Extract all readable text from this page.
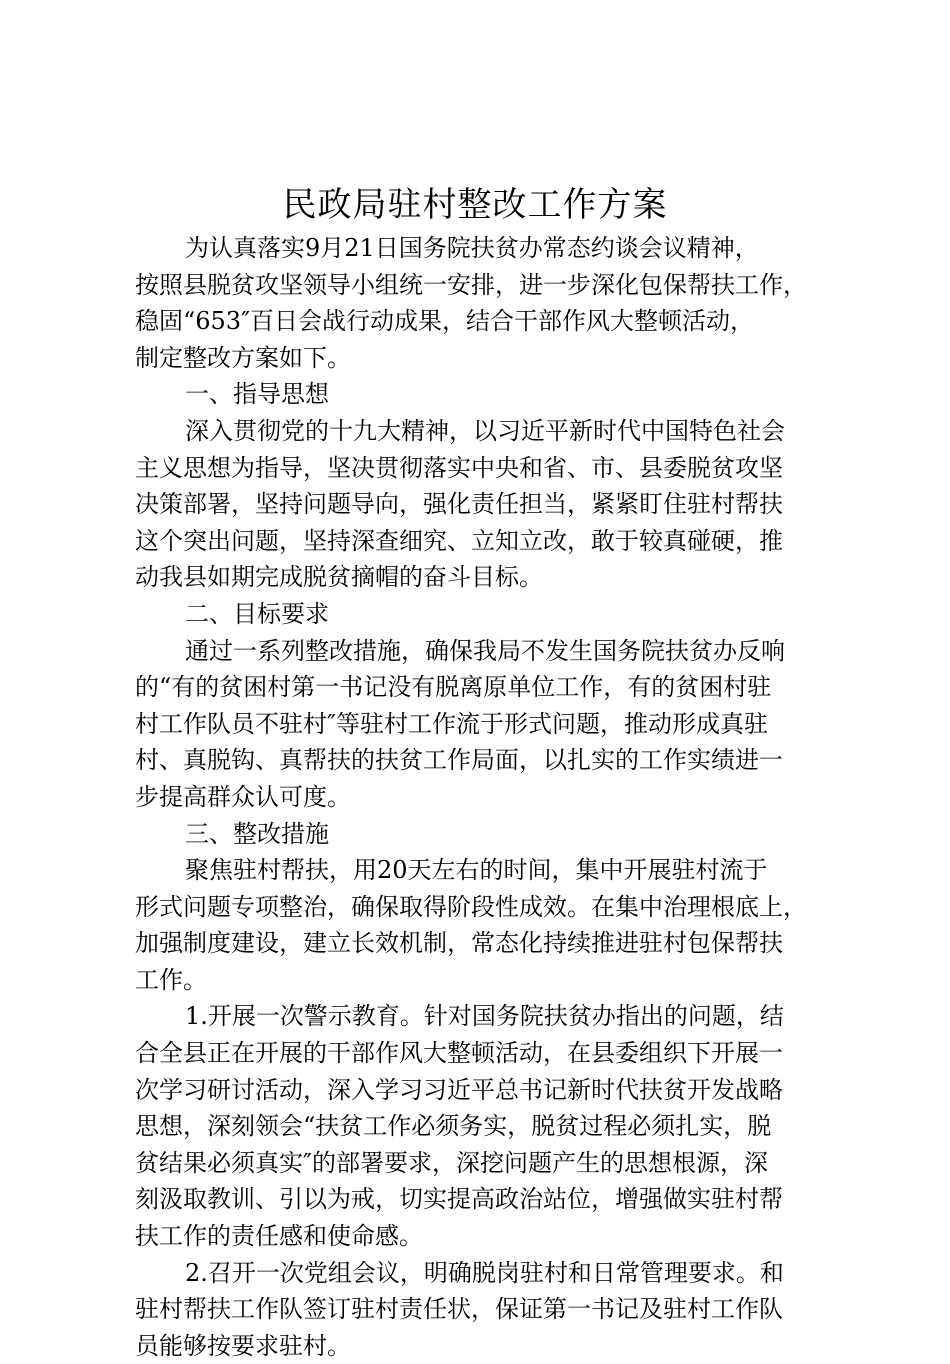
民政局驻村整改工作方案
为认真落实9月21日国务院扶贫办常态约谈会议精神，
按照县脱贫攻坚领导小组统一安排，进一步深化包保帮扶工作，
稳固“653″百日会战行动成果，结合干部作风大整顿活动，
制定整改方案如下。
一、指导思想
深入贯彻党的十九大精神，以习近平新时代中国特色社会
主义思想为指导，坚决贯彻落实中央和省、市、县委脱贫攻坚
决策部署，坚持问题导向，强化责任担当，紧紧盯住驻村帮扶
这个突出问题，坚持深查细究、立知立改，敢于较真碰硬，推
动我县如期完成脱贫摘帽的奋斗目标。
二、目标要求
通过一系列整改措施，确保我局不发生国务院扶贫办反响
的“有的贫困村第一书记没有脱离原单位工作，有的贫困村驻
村工作队员不驻村″等驻村工作流于形式问题，推动形成真驻
村、真脱钩、真帮扶的扶贫工作局面，以扎实的工作实绩进一
步提高群众认可度。
三、整改措施
聚焦驻村帮扶，用20天左右的时间，集中开展驻村流于
形式问题专项整治，确保取得阶段性成效。在集中治理根底上，
加强制度建设，建立长效机制，常态化持续推进驻村包保帮扶
工作。
1.开展一次警示教育。针对国务院扶贫办指出的问题，结
合全县正在开展的干部作风大整顿活动，在县委组织下开展一
次学习研讨活动，深入学习习近平总书记新时代扶贫开发战略
思想，深刻领会“扶贫工作必须务实，脱贫过程必须扎实，脱
贫结果必须真实″的部署要求，深挖问题产生的思想根源，深
刻汲取教训、引以为戒，切实提高政治站位，增强做实驻村帮
扶工作的责任感和使命感。
2.召开一次党组会议，明确脱岗驻村和日常管理要求。和
驻村帮扶工作队签订驻村责任状，保证第一书记及驻村工作队
员能够按要求驻村。
